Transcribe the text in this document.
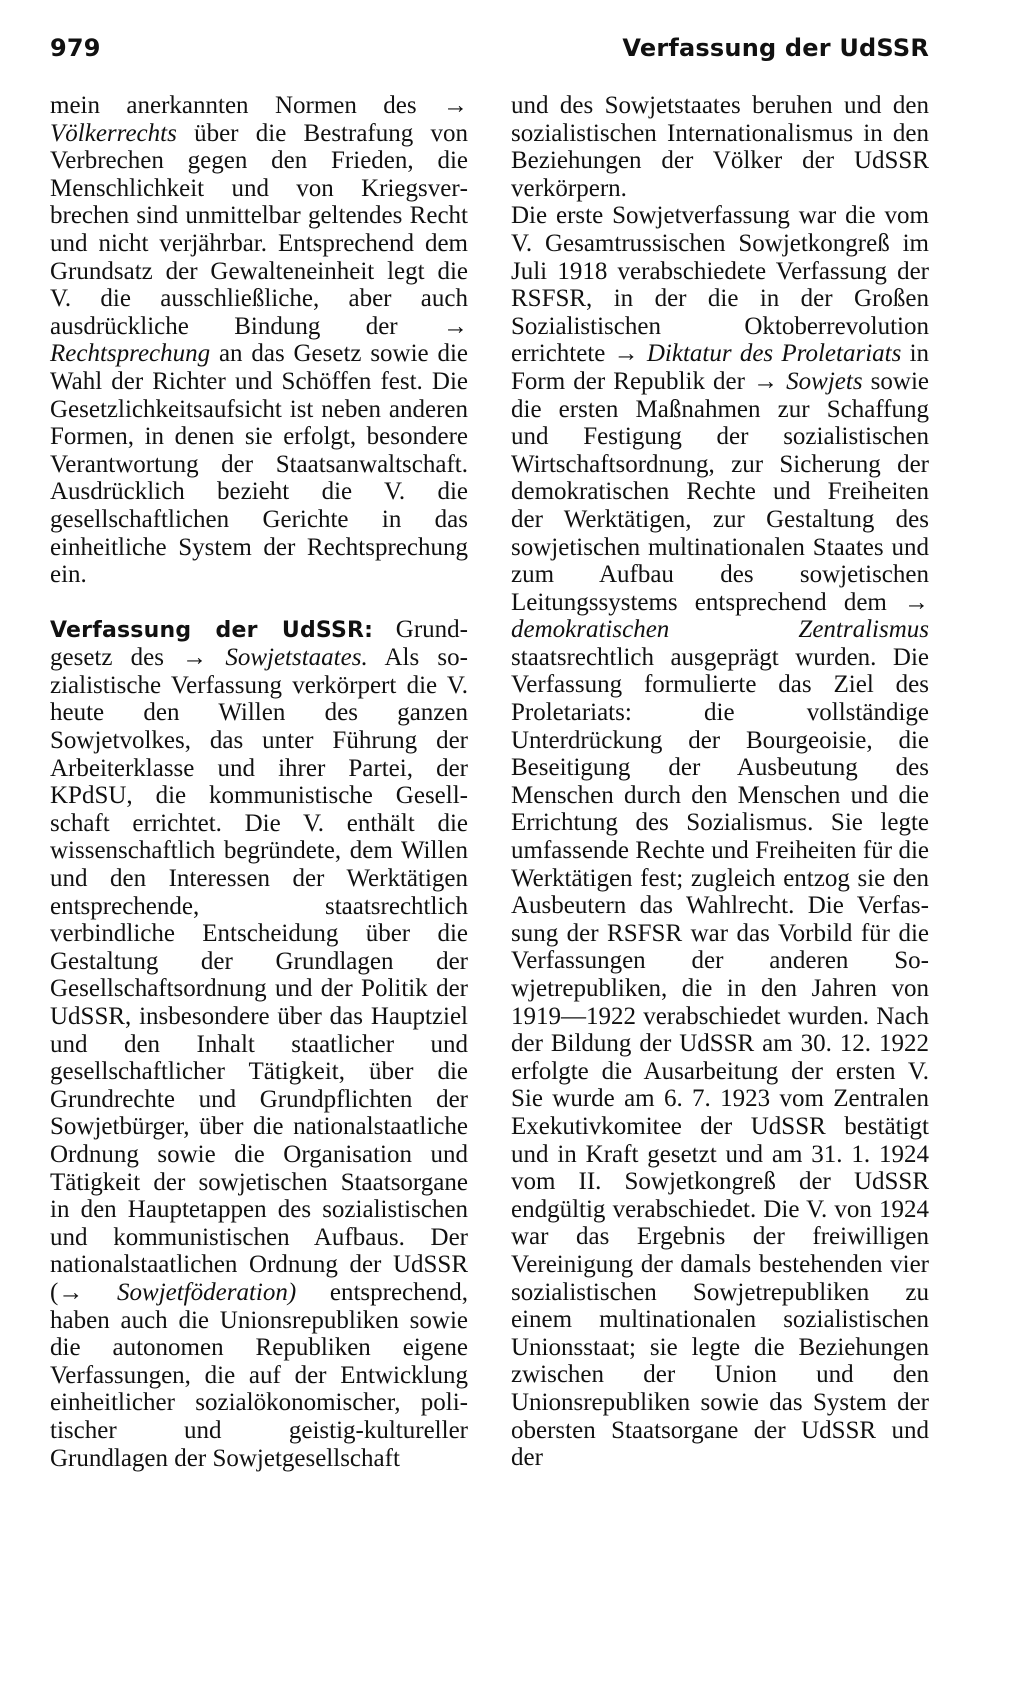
979	Verfassung der UdSSR

mein anerkannten Normen des → Völkerrechts über die Bestrafung von Verbrechen gegen den Frieden, die Menschlichkeit und von Kriegsverbrechen sind unmittelbar geltendes Recht und nicht verjährbar. Entsprechend dem Grundsatz der Gewalteneinheit legt die V. die ausschließliche, aber auch ausdrückliche Bindung der → Rechtsprechung an das Gesetz sowie die Wahl der Richter und Schöffen fest. Die Gesetzlichkeitsaufsicht ist neben anderen Formen, in denen sie erfolgt, besondere Verantwortung der Staatsanwaltschaft. Ausdrücklich bezieht die V. die gesellschaftlichen Gerichte in das einheitliche System der Rechtsprechung ein.

Verfassung der UdSSR: Grundgesetz des → Sowjetstaates. Als sozialistische Verfassung verkörpert die V. heute den Willen des ganzen Sowjetvolkes, das unter Führung der Arbeiterklasse und ihrer Partei, der KPdSU, die kommunistische Gesellschaft errichtet. Die V. enthält die wissenschaftlich begründete, dem Willen und den Interessen der Werktätigen entsprechende, staatsrechtlich verbindliche Entscheidung über die Gestaltung der Grundlagen der Gesellschaftsordnung und der Politik der UdSSR, insbesondere über das Hauptziel und den Inhalt staatlicher und gesellschaftlicher Tätigkeit, über die Grundrechte und Grundpflichten der Sowjetbürger, über die nationalstaatliche Ordnung sowie die Organisation und Tätigkeit der sowjetischen Staatsorgane in den Hauptetappen des sozialistischen und kommunistischen Aufbaus. Der nationalstaatlichen Ordnung der UdSSR (→ Sowjetföderation) entsprechend, haben auch die Unionsrepubliken sowie die autonomen Republiken eigene Verfassungen, die auf der Entwicklung einheitlicher sozialökonomischer, politischer und geistig-kultureller Grundlagen der Sowjetgesellschaft

und des Sowjetstaates beruhen und den sozialistischen Internationalismus in den Beziehungen der Völker der UdSSR verkörpern.

Die erste Sowjetverfassung war die vom V. Gesamtrussischen Sowjetkongreß im Juli 1918 verabschiedete Verfassung der RSFSR, in der die in der Großen Sozialistischen Oktoberrevolution errichtete → Diktatur des Proletariats in Form der Republik der → Sowjets sowie die ersten Maßnahmen zur Schaffung und Festigung der sozialistischen Wirtschaftsordnung, zur Sicherung der demokratischen Rechte und Freiheiten der Werktätigen, zur Gestaltung des sowjetischen multinationalen Staates und zum Aufbau des sowjetischen Leitungssystems entsprechend dem → demokratischen Zentralismus staatsrechtlich ausgeprägt wurden. Die Verfassung formulierte das Ziel des Proletariats: die vollständige Unterdrückung der Bourgeoisie, die Beseitigung der Ausbeutung des Menschen durch den Menschen und die Errichtung des Sozialismus. Sie legte umfassende Rechte und Freiheiten für die Werktätigen fest; zugleich entzog sie den Ausbeutern das Wahlrecht. Die Verfassung der RSFSR war das Vorbild für die Verfassungen der anderen Sowjetrepubliken, die in den Jahren von 1919—1922 verabschiedet wurden. Nach der Bildung der UdSSR am 30. 12. 1922 erfolgte die Ausarbeitung der ersten V. Sie wurde am 6. 7. 1923 vom Zentralen Exekutivkomitee der UdSSR bestätigt und in Kraft gesetzt und am 31. 1. 1924 vom II. Sowjetkongreß der UdSSR endgültig verabschiedet. Die V. von 1924 war das Ergebnis der freiwilligen Vereinigung der damals bestehenden vier sozialistischen Sowjetrepubliken zu einem multinationalen sozialistischen Unionsstaat; sie legte die Beziehungen zwischen der Union und den Unionsrepubliken sowie das System der obersten Staatsorgane der UdSSR und der
